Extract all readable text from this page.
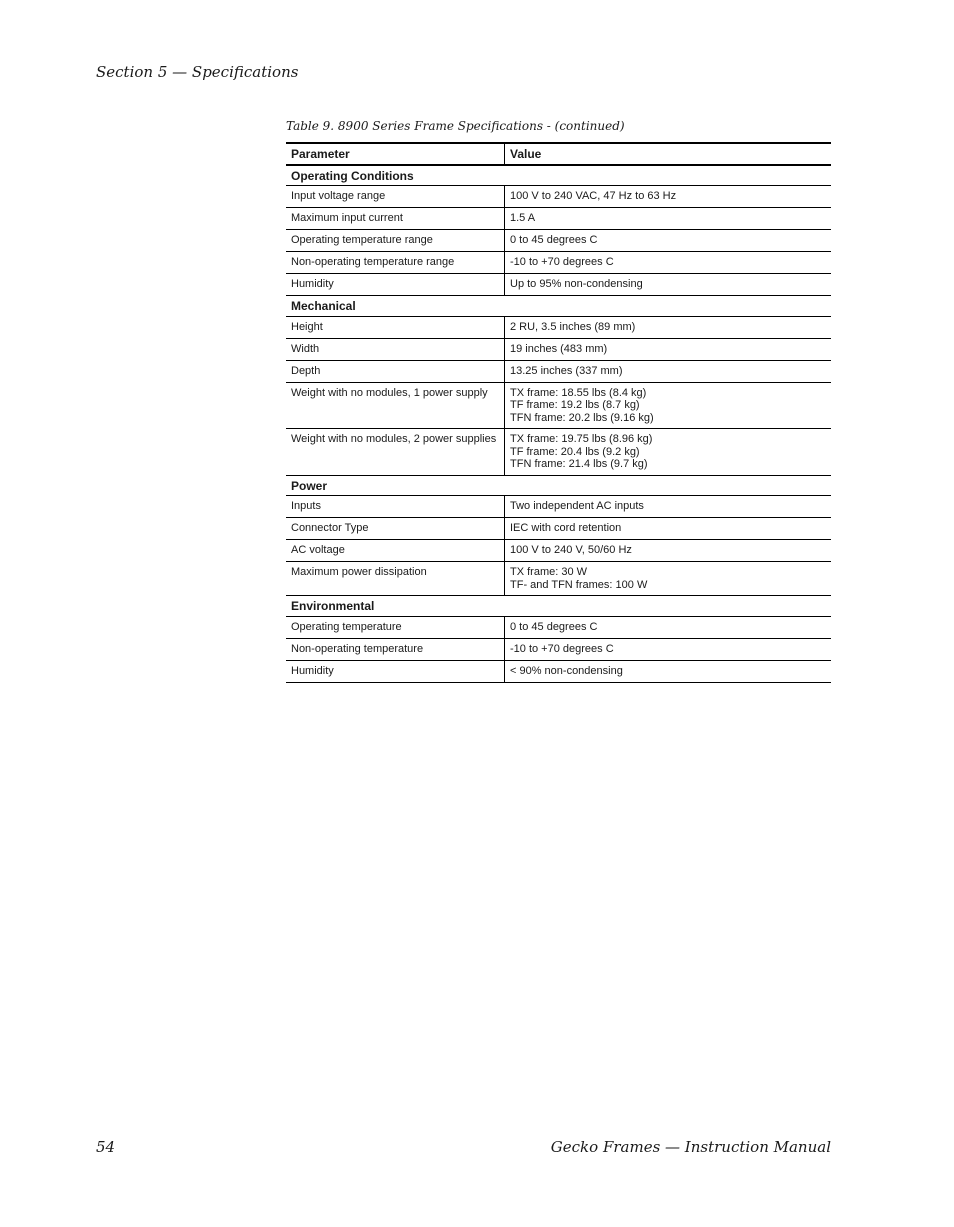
Section 5 — Specifications
Table 9. 8900 Series Frame Specifications - (continued)
Parameter	Value
Operating Conditions	
Input voltage range	100 V to 240 VAC, 47 Hz to 63 Hz
Maximum input current	1.5 A
Operating temperature range	0 to 45 degrees C
Non-operating temperature range	-10 to +70 degrees C
Humidity	Up to 95% non-condensing
Mechanical	
Height	2 RU, 3.5 inches (89 mm)
Width	19 inches (483 mm)
Depth	13.25 inches (337 mm)
Weight with no modules, 1 power supply	TX frame: 18.55 lbs (8.4 kg)
TF frame: 19.2 lbs (8.7 kg)
TFN frame: 20.2 lbs (9.16 kg)
Weight with no modules, 2 power supplies	TX frame: 19.75 lbs (8.96 kg)
TF frame: 20.4 lbs (9.2 kg)
TFN frame: 21.4 lbs (9.7 kg)
Power	
Inputs	Two independent AC inputs
Connector Type	IEC with cord retention
AC voltage	100 V to 240 V, 50/60 Hz
Maximum power dissipation	TX frame: 30 W
TF- and TFN frames: 100 W
Environmental	
Operating temperature	0 to 45 degrees C
Non-operating temperature	-10 to +70 degrees C
Humidity	< 90% non-condensing
54	Gecko Frames — Instruction Manual
